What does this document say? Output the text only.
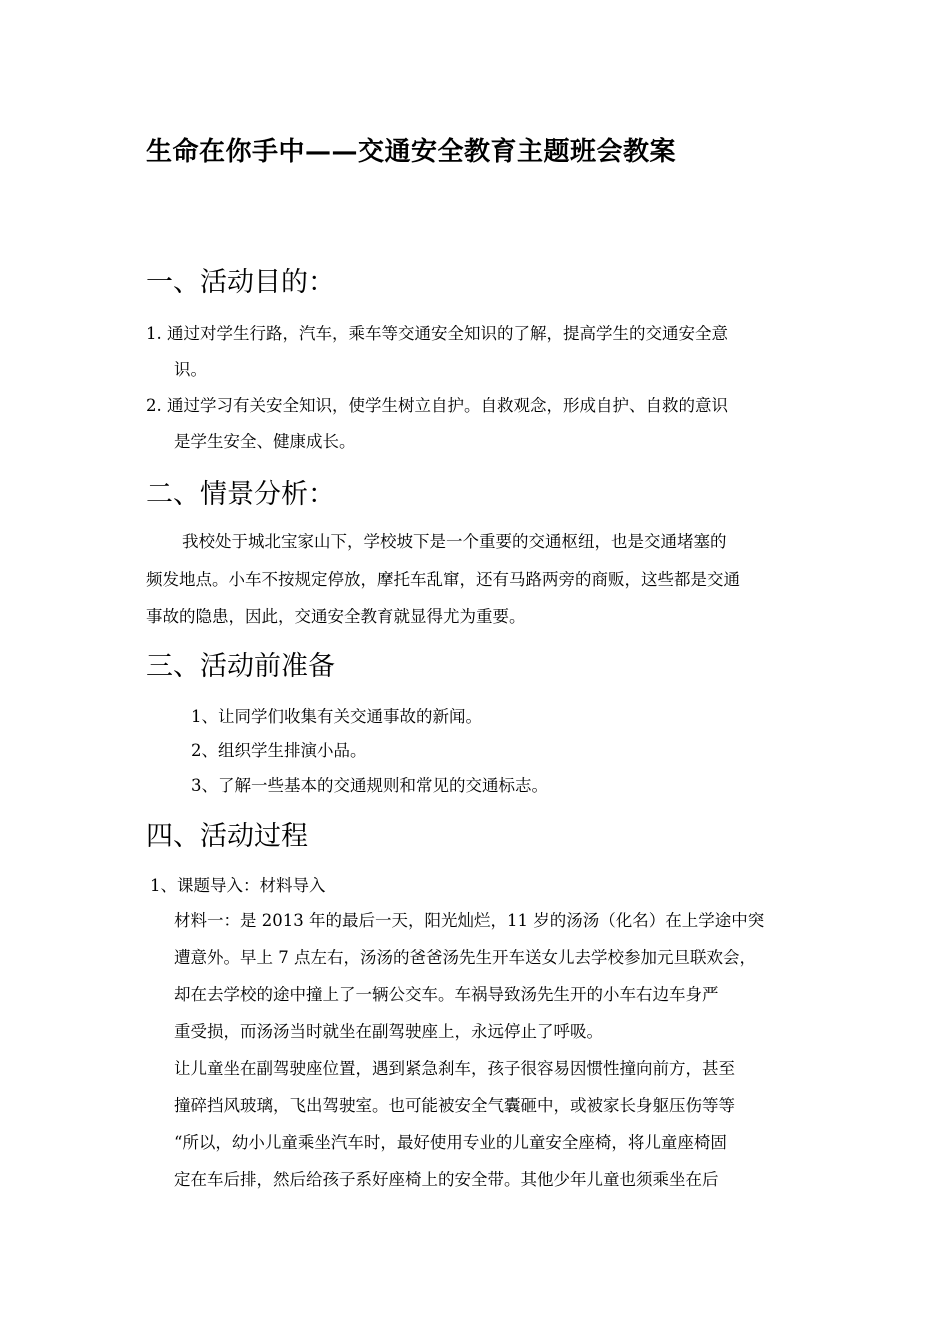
生命在你手中——交通安全教育主题班会教案
一、活动目的：
1. 通过对学生行路，汽车，乘车等交通安全知识的了解，提高学生的交通安全意
识。
2. 通过学习有关安全知识，使学生树立自护。自救观念，形成自护、自救的意识
是学生安全、健康成长。
二、情景分析：
我校处于城北宝家山下，学校坡下是一个重要的交通枢纽，也是交通堵塞的
频发地点。小车不按规定停放，摩托车乱窜，还有马路两旁的商贩，这些都是交通
事故的隐患，因此，交通安全教育就显得尤为重要。
三、活动前准备
1、让同学们收集有关交通事故的新闻。
2、组织学生排演小品。
3、了解一些基本的交通规则和常见的交通标志。
四、活动过程
1、课题导入：材料导入
材料一：是 2013 年的最后一天，阳光灿烂，11 岁的汤汤（化名）在上学途中突
遭意外。早上 7 点左右，汤汤的爸爸汤先生开车送女儿去学校参加元旦联欢会，
却在去学校的途中撞上了一辆公交车。车祸导致汤先生开的小车右边车身严
重受损，而汤汤当时就坐在副驾驶座上，永远停止了呼吸。
让儿童坐在副驾驶座位置，遇到紧急刹车，孩子很容易因惯性撞向前方，甚至
撞碎挡风玻璃，飞出驾驶室。也可能被安全气囊砸中，或被家长身躯压伤等等
“所以，幼小儿童乘坐汽车时，最好使用专业的儿童安全座椅，将儿童座椅固
定在车后排，然后给孩子系好座椅上的安全带。其他少年儿童也须乘坐在后
